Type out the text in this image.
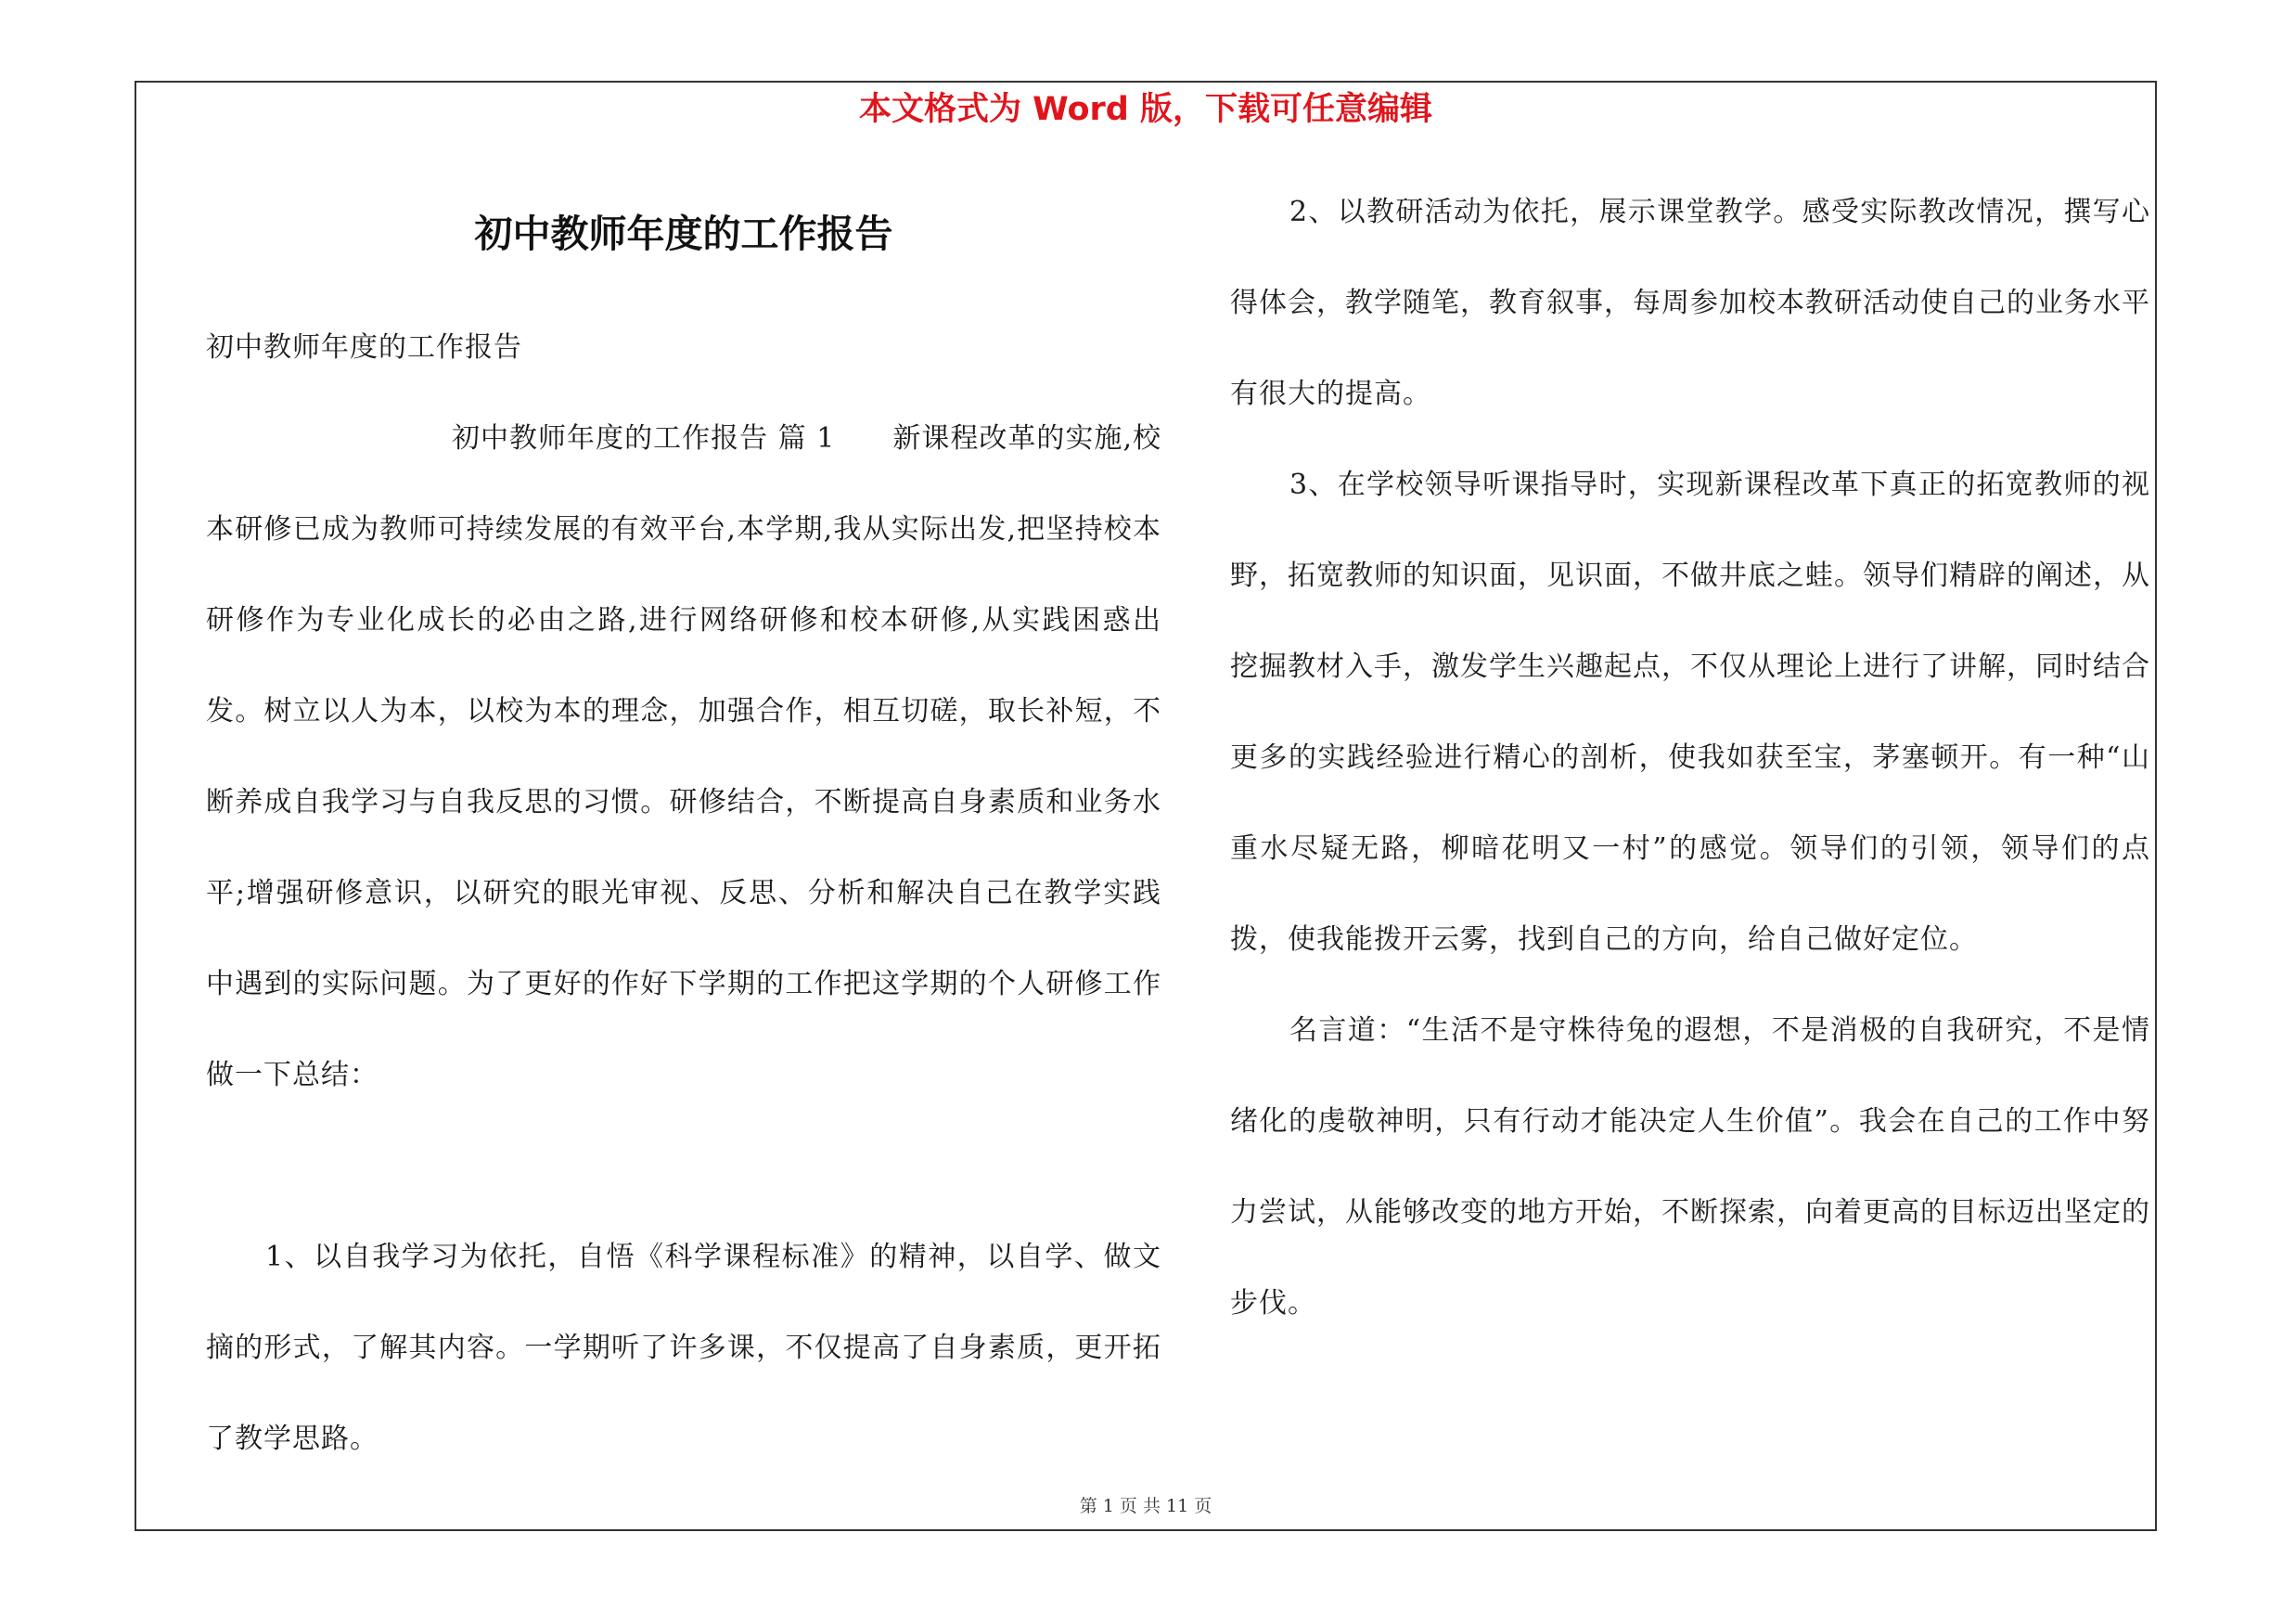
本文格式为 Word 版，下载可任意编辑
初中教师年度的工作报告
初中教师年度的工作报告
初中教师年度的工作报告 篇 1　　 新课程改革的实施,校本研修已成为教师可持续发展的有效平台,本学期,我从实际出发,把坚持校本研修作为专业化成长的必由之路,进行网络研修和校本研修,从实践困惑出发。树立以人为本，以校为本的理念，加强合作，相互切磋，取长补短，不断养成自我学习与自我反思的习惯。研修结合，不断提高自身素质和业务水平;增强研修意识，以研究的眼光审视、反思、分析和解决自己在教学实践中遇到的实际问题。为了更好的作好下学期的工作把这学期的个人研修工作做一下总结：
1、以自我学习为依托，自悟《科学课程标准》的精神，以自学、做文摘的形式，了解其内容。一学期听了许多课，不仅提高了自身素质，更开拓了教学思路。

2、以教研活动为依托，展示课堂教学。感受实际教改情况，撰写心得体会，教学随笔，教育叙事，每周参加校本教研活动使自己的业务水平有很大的提高。

3、在学校领导听课指导时，实现新课程改革下真正的拓宽教师的视野，拓宽教师的知识面，见识面，不做井底之蛙。领导们精辟的阐述，从挖掘教材入手，激发学生兴趣起点，不仅从理论上进行了讲解，同时结合更多的实践经验进行精心的剖析，使我如获至宝，茅塞顿开。有一种“山重水尽疑无路，柳暗花明又一村”的感觉。领导们的引领，领导们的点拨，使我能拨开云雾，找到自己的方向，给自己做好定位。

名言道：“生活不是守株待兔的遐想，不是消极的自我研究，不是情绪化的虔敬神明，只有行动才能决定人生价值”。我会在自己的工作中努力尝试，从能够改变的地方开始，不断探索，向着更高的目标迈出坚定的步伐。

第 1 页 共 11 页
